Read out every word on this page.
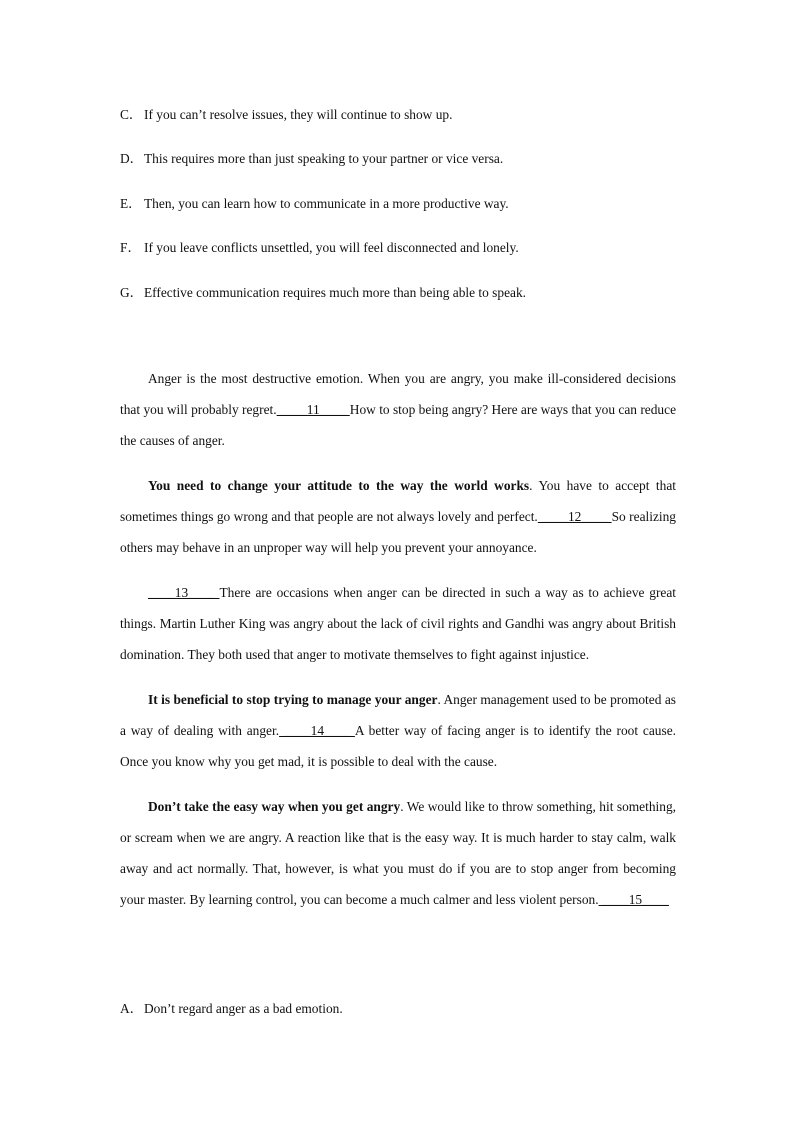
C． If you can’t resolve issues, they will continue to show up.
D．This requires more than just speaking to your partner or vice versa.
E． Then, you can learn how to communicate in a more productive way.
F． If you leave conflicts unsettled, you will feel disconnected and lonely.
G．Effective communication requires much more than being able to speak.

Anger is the most destructive emotion. When you are angry, you make ill-considered decisions that you will probably regret. ____11____ How to stop being angry? Here are ways that you can reduce the causes of anger.

You need to change your attitude to the way the world works. You have to accept that sometimes things go wrong and that people are not always lovely and perfect. ____12____ So realizing others may behave in an unproper way will help you prevent your annoyance.

____13____ There are occasions when anger can be directed in such a way as to achieve great things. Martin Luther King was angry about the lack of civil rights and Gandhi was angry about British domination. They both used that anger to motivate themselves to fight against injustice.

It is beneficial to stop trying to manage your anger. Anger management used to be promoted as a way of dealing with anger. ____14____ A better way of facing anger is to identify the root cause. Once you know why you get mad, it is possible to deal with the cause.

Don’t take the easy way when you get angry. We would like to throw something, hit something, or scream when we are angry. A reaction like that is the easy way. It is much harder to stay calm, walk away and act normally. That, however, is what you must do if you are to stop anger from becoming your master. By learning control, you can become a much calmer and less violent person. ____15____

A．Don’t regard anger as a bad emotion.
